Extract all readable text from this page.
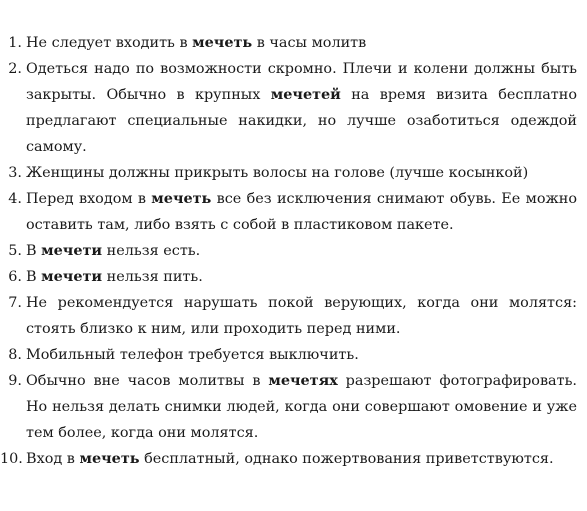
1. Не следует входить в мечеть в часы молитв
2. Одеться надо по возможности скромно. Плечи и колени должны быть закрыты. Обычно в крупных мечетей на время визита бесплатно предлагают специальные накидки, но лучше озаботиться одеждой самому.
3. Женщины должны прикрыть волосы на голове (лучше косынкой)
4. Перед входом в мечеть все без исключения снимают обувь. Ее можно оставить там, либо взять с собой в пластиковом пакете.
5. В мечети нельзя есть.
6. В мечети нельзя пить.
7. Не рекомендуется нарушать покой верующих, когда они молятся: стоять близко к ним, или проходить перед ними.
8. Мобильный телефон требуется выключить.
9. Обычно вне часов молитвы в мечетях разрешают фотографировать. Но нельзя делать снимки людей, когда они совершают омовение и уже тем более, когда они молятся.
10. Вход в мечеть бесплатный, однако пожертвования приветствуются.
